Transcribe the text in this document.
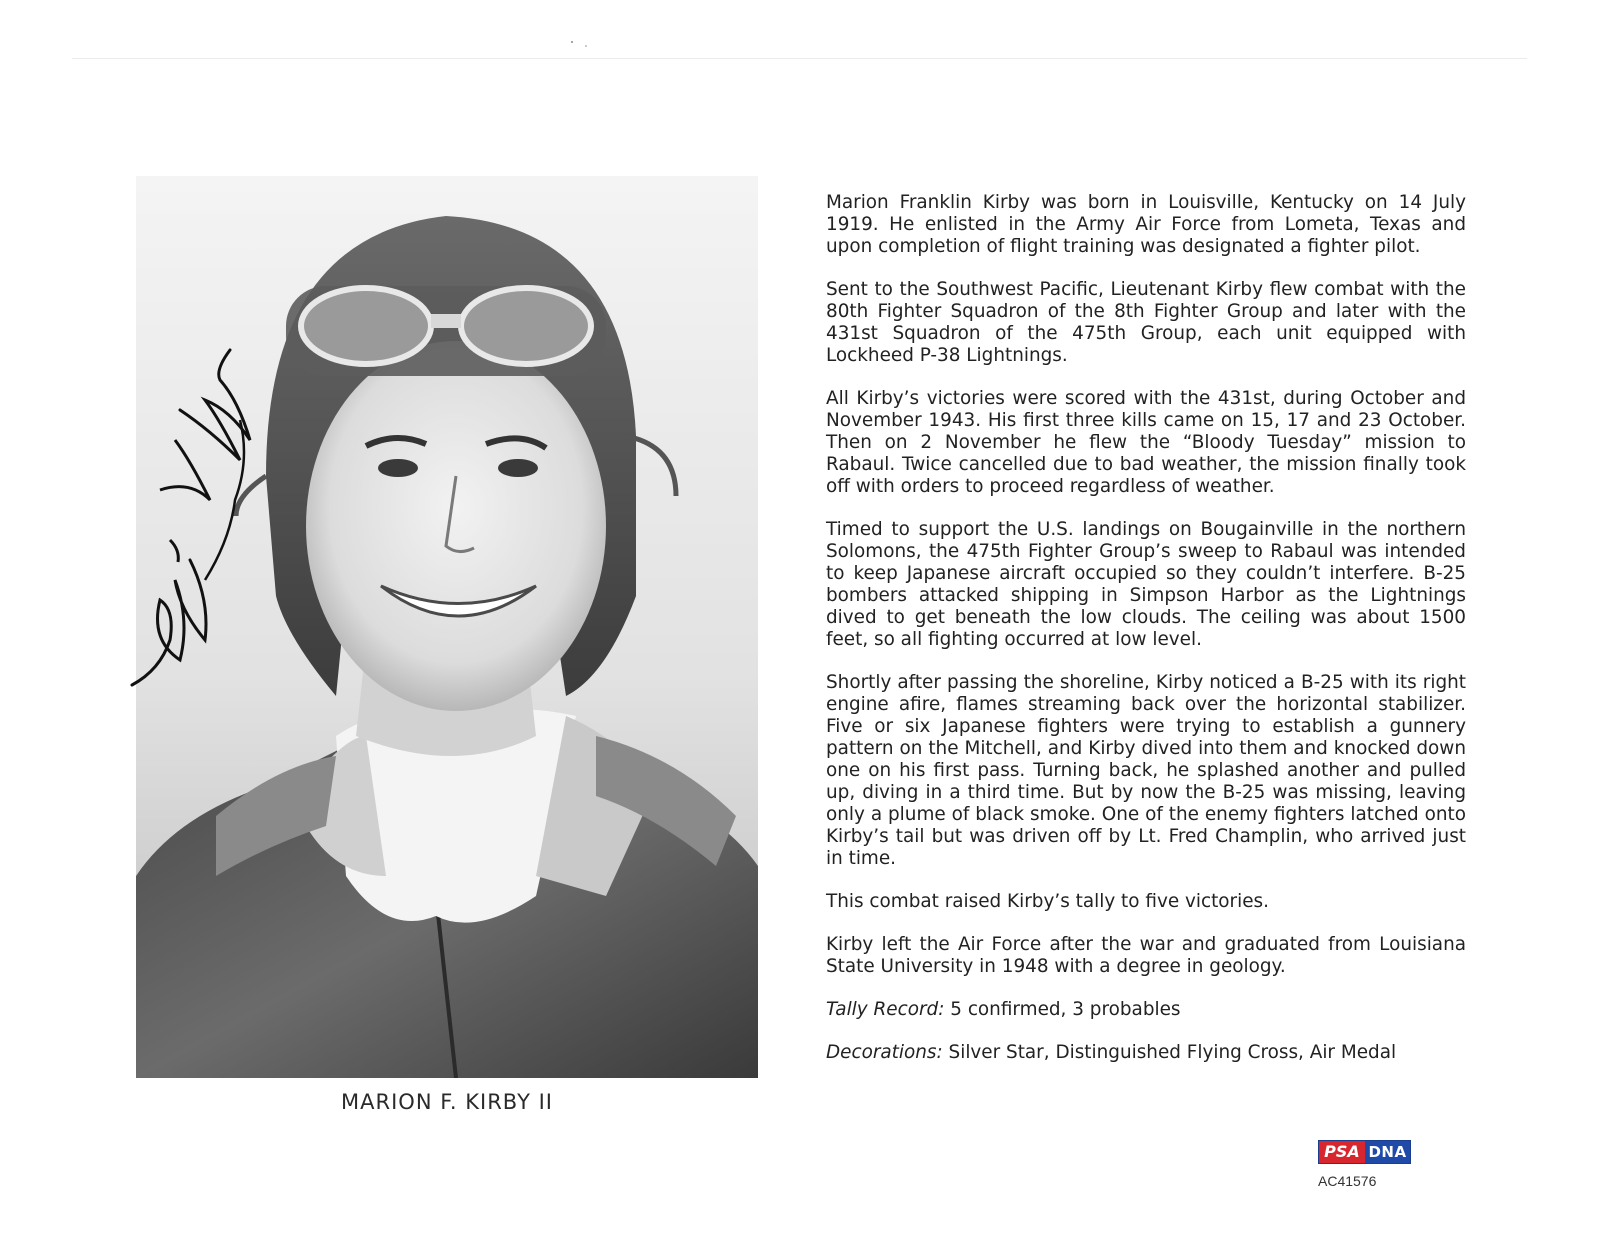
MARION F. KIRBY II

Marion Franklin Kirby was born in Louisville, Kentucky on 14 July 1919. He enlisted in the Army Air Force from Lometa, Texas and upon completion of flight training was designated a fighter pilot.

Sent to the Southwest Pacific, Lieutenant Kirby flew combat with the 80th Fighter Squadron of the 8th Fighter Group and later with the 431st Squadron of the 475th Group, each unit equipped with Lockheed P-38 Lightnings.

All Kirby’s victories were scored with the 431st, during October and November 1943. His first three kills came on 15, 17 and 23 October. Then on 2 November he flew the “Bloody Tuesday” mission to Rabaul. Twice cancelled due to bad weather, the mission finally took off with orders to proceed regardless of weather.

Timed to support the U.S. landings on Bougainville in the northern Solomons, the 475th Fighter Group’s sweep to Rabaul was intended to keep Japanese aircraft occupied so they couldn’t interfere. B-25 bombers attacked shipping in Simpson Harbor as the Lightnings dived to get beneath the low clouds. The ceiling was about 1500 feet, so all fighting occurred at low level.

Shortly after passing the shoreline, Kirby noticed a B-25 with its right engine afire, flames streaming back over the horizontal stabilizer. Five or six Japanese fighters were trying to establish a gunnery pattern on the Mitchell, and Kirby dived into them and knocked down one on his first pass. Turning back, he splashed another and pulled up, diving in a third time. But by now the B-25 was missing, leaving only a plume of black smoke. One of the enemy fighters latched onto Kirby’s tail but was driven off by Lt. Fred Champlin, who arrived just in time.

This combat raised Kirby’s tally to five victories.

Kirby left the Air Force after the war and graduated from Louisiana State University in 1948 with a degree in geology.

Tally Record: 5 confirmed, 3 probables

Decorations: Silver Star, Distinguished Flying Cross, Air Medal

PSA DNA
AC41576
